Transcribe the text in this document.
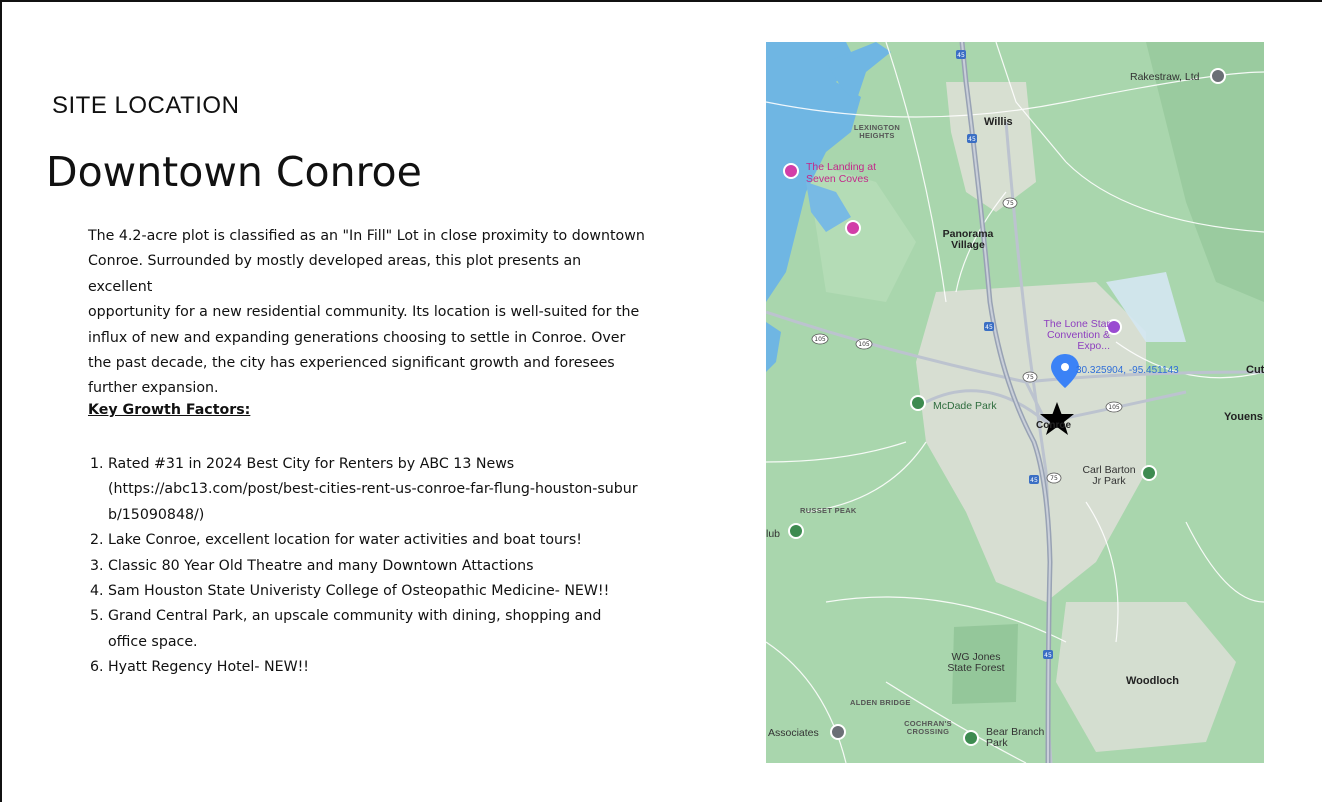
SITE LOCATION
Downtown Conroe

The 4.2-acre plot is classified as an "In Fill" Lot in close proximity to downtown
Conroe. Surrounded by mostly developed areas, this plot presents an excellent
opportunity for a new residential community. Its location is well-suited for the
influx of new and expanding generations choosing to settle in Conroe. Over
the past decade, the city has experienced significant growth and foresees
further expansion.

Key Growth Factors:
1. Rated #31 in 2024 Best City for Renters by ABC 13 News
(https://abc13.com/post/best-cities-rent-us-conroe-far-flung-houston-subur
b/15090848/)
2. Lake Conroe, excellent location for water activities and boat tours!
3. Classic 80 Year Old Theatre and many Downtown Attactions
4. Sam Houston State Univeristy College of Osteopathic Medicine- NEW!!
5. Grand Central Park, an upscale community with dining, shopping and
office space.
6. Hyatt Regency Hotel- NEW!!
45
45
45
45
45
75
75
75
105
105
105
Rakestraw, Ltd
Willis
LEXINGTON HEIGHTS
The Landing at Seven Coves
Panorama Village
The Lone Star Convention & Expo...
30.325904, -95.451143	Cut
Youens
McDade Park
Conroe
Carl Barton Jr Park
RUSSET PEAK
lub
WG Jones State Forest
Woodloch
ALDEN BRIDGE
COCHRAN'S CROSSING
Associates	Bear Branch Park
